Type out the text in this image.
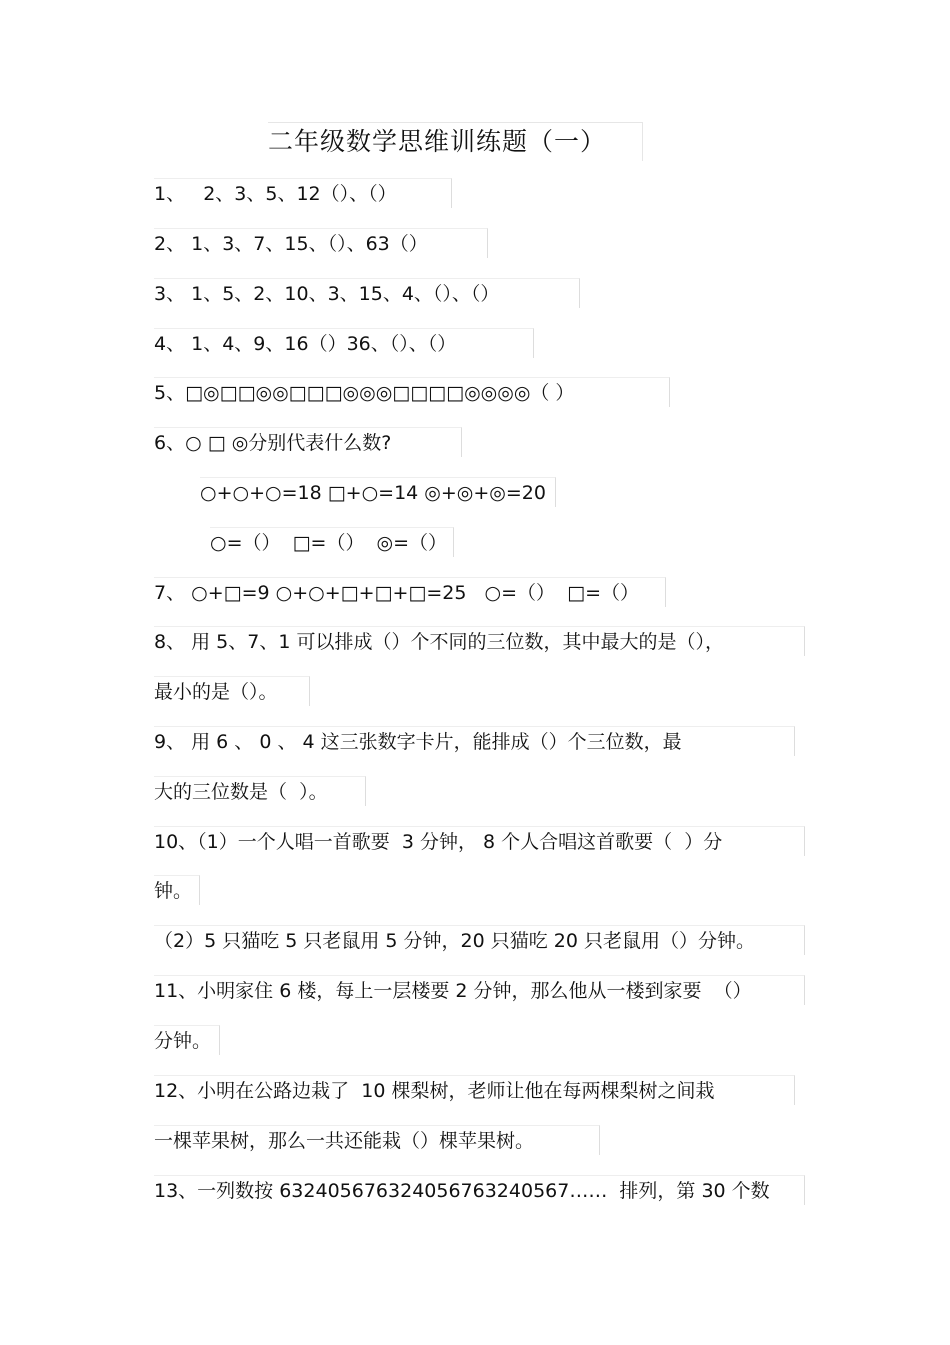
二年级数学思维训练题（一）
1、   2、3、5、12（）、（）
2、 1、3、7、15、（）、63（）
3、 1、5、2、10、3、15、4、（）、（）
4、 1、4、9、16（）36、（）、（）
5、□◎□□◎◎□□□◎◎◎□□□□◎◎◎◎（ ）
6、○ □ ◎分别代表什么数?
○+○+○=18 □+○=14 ◎+◎+◎=20
○=（）  □=（）  ◎=（）
7、 ○+□=9 ○+○+□+□+□=25   ○=（）  □=（）
8、 用 5、7、1 可以排成（）个不同的三位数，其中最大的是（），
最小的是（）。
9、 用 6 、 0 、 4 这三张数字卡片，能排成（）个三位数，最
大的三位数是（  ）。
10、（1）一个人唱一首歌要  3 分钟， 8 个人合唱这首歌要（  ）分
钟。
（2）5 只猫吃 5 只老鼠用 5 分钟，20 只猫吃 20 只老鼠用（）分钟。
11、小明家住 6 楼，每上一层楼要 2 分钟，那么他从一楼到家要  （）
分钟。
12、小明在公路边栽了  10 棵梨树，老师让他在每两棵梨树之间栽
一棵苹果树，那么一共还能栽（）棵苹果树。
13、一列数按 632405676324056763240567……  排列，第 30 个数
